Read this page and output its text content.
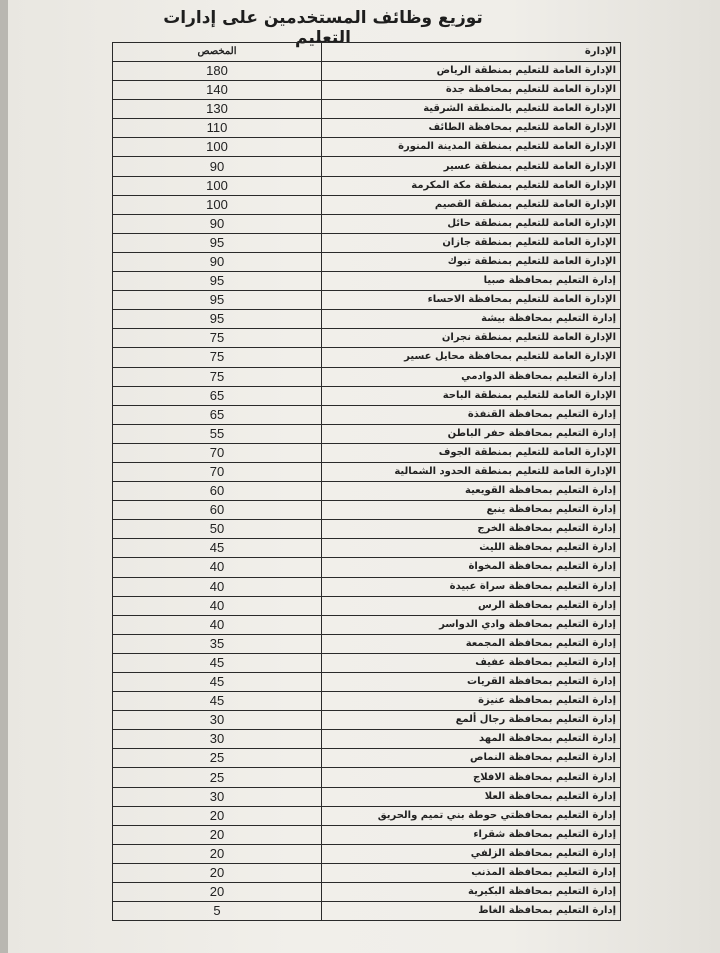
توزيع وظائف المستخدمين على إدارات التعليم
الإدارة	المخصص
الإدارة العامة للتعليم بمنطقة الرياض	180
الإدارة العامة للتعليم بمحافظة جدة	140
الإدارة العامة للتعليم بالمنطقة الشرقية	130
الإدارة العامة للتعليم بمحافظة الطائف	110
الإدارة العامة للتعليم بمنطقة المدينة المنورة	100
الإدارة العامة للتعليم بمنطقة عسير	90
الإدارة العامة للتعليم بمنطقة مكة المكرمة	100
الإدارة العامة للتعليم بمنطقة القصيم	100
الإدارة العامة للتعليم بمنطقة حائل	90
الإدارة العامة للتعليم بمنطقة جازان	95
الإدارة العامة للتعليم بمنطقة تبوك	90
إدارة التعليم بمحافظة صبيا	95
الإدارة العامة للتعليم بمحافظة الاحساء	95
إدارة التعليم بمحافظة بيشة	95
الإدارة العامة للتعليم بمنطقة نجران	75
الإدارة العامة للتعليم بمحافظة محايل عسير	75
إدارة التعليم بمحافظة الدوادمي	75
الإدارة العامة للتعليم بمنطقة الباحة	65
إدارة التعليم بمحافظة القنفذة	65
إدارة التعليم بمحافظة حفر الباطن	55
الإدارة العامة للتعليم بمنطقة الجوف	70
الإدارة العامة للتعليم بمنطقة الحدود الشمالية	70
إدارة التعليم بمحافظة القويعية	60
إدارة التعليم بمحافظة ينبع	60
إدارة التعليم بمحافظة الخرج	50
إدارة التعليم بمحافظة الليث	45
إدارة التعليم بمحافظة المخواة	40
إدارة التعليم بمحافظة سراة عبيدة	40
إدارة التعليم بمحافظة الرس	40
إدارة التعليم بمحافظة وادي الدواسر	40
إدارة التعليم بمحافظة المجمعة	35
إدارة التعليم بمحافظة عفيف	45
إدارة التعليم بمحافظة القريات	45
إدارة التعليم بمحافظة عنيزة	45
إدارة التعليم بمحافظة رجال ألمع	30
إدارة التعليم بمحافظة المهد	30
إدارة التعليم بمحافظة النماص	25
إدارة التعليم بمحافظة الافلاج	25
إدارة التعليم بمحافظة العلا	30
إدارة التعليم بمحافظتي حوطة بني تميم والحريق	20
إدارة التعليم بمحافظة شقراء	20
إدارة التعليم بمحافظة الزلفي	20
إدارة التعليم بمحافظة المذنب	20
إدارة التعليم بمحافظة البكيرية	20
إدارة التعليم بمحافظة الغاط	5
